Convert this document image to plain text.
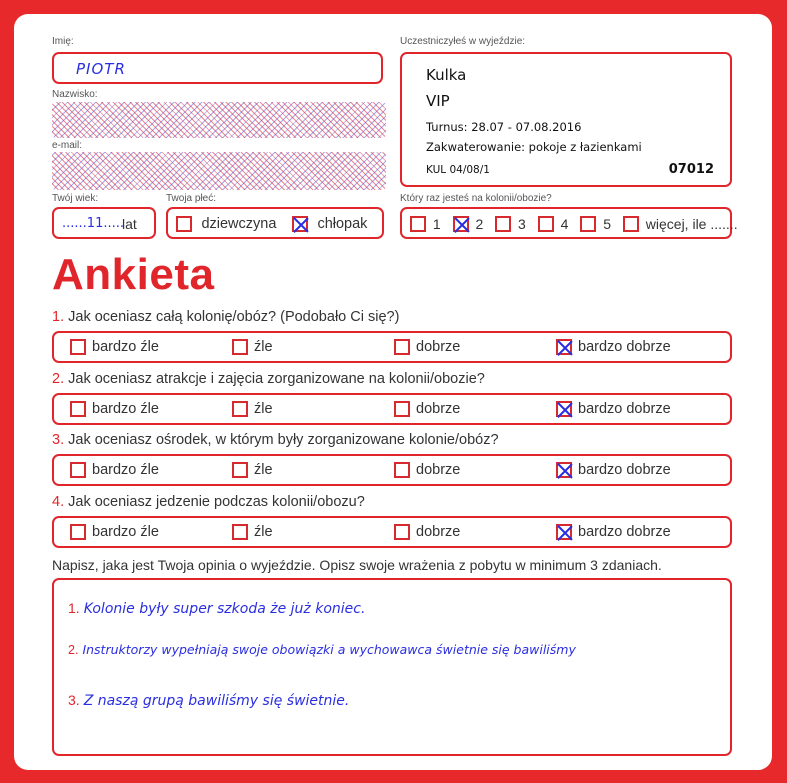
Imię:
PIOTR
Nazwisko:
e-mail:
Twój wiek:
......11.....
lat
Twoja płeć:
dziewczyna	chłopak
Uczestniczyłeś w wyjeździe:
Kulka
VIP
Turnus: 28.07 - 07.08.2016
Zakwaterowanie: pokoje z łazienkami
KUL 04/08/1	07012
Który raz jesteś na kolonii/obozie?
1 2 3 4 5 więcej, ile .......
Ankieta
1. Jak oceniasz całą kolonię/obóz? (Podobało Ci się?)
bardzo źle	źle	dobrze	bardzo dobrze
2. Jak oceniasz atrakcje i zajęcia zorganizowane na kolonii/obozie?
bardzo źle	źle	dobrze	bardzo dobrze
3. Jak oceniasz ośrodek, w którym były zorganizowane kolonie/obóz?
bardzo źle	źle	dobrze	bardzo dobrze
4. Jak oceniasz jedzenie podczas kolonii/obozu?
bardzo źle	źle	dobrze	bardzo dobrze
Napisz, jaka jest Twoja opinia o wyjeździe. Opisz swoje wrażenia z pobytu w minimum 3 zdaniach.
1. Kolonie były super szkoda że już koniec.
2. Instruktorzy wypełniają swoje obowiązki a wychowawca świetnie się bawiliśmy
3. Z naszą grupą bawiliśmy się świetnie.
